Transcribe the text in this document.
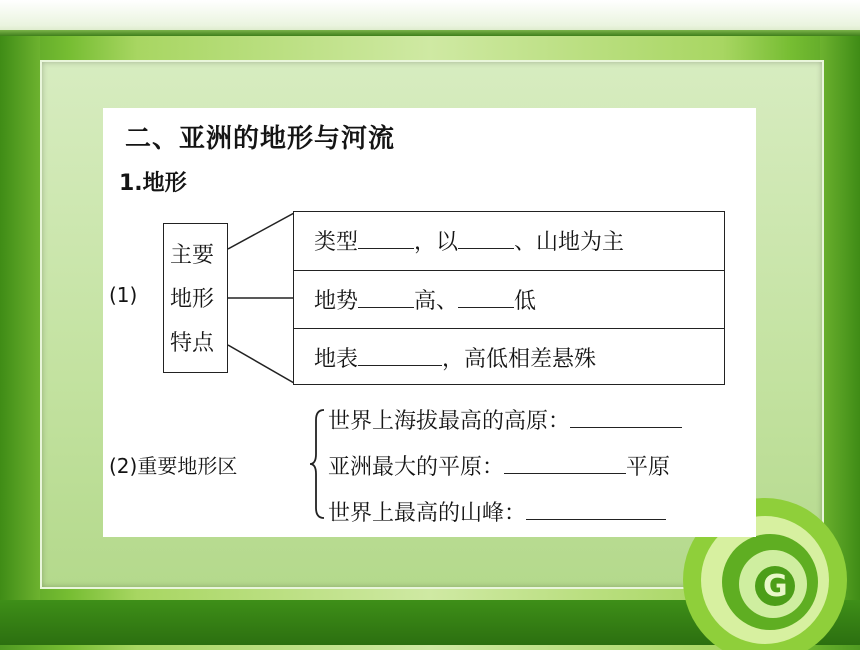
G
二、亚洲的地形与河流
1.地形
(1)
主要
地形
特点
类型	，以	、山地为主
地势	高、	低
地表	，高低相差悬殊
(2)重要地形区
世界上海拔最高的高原：
亚洲最大的平原：	平原
世界上最高的山峰：
